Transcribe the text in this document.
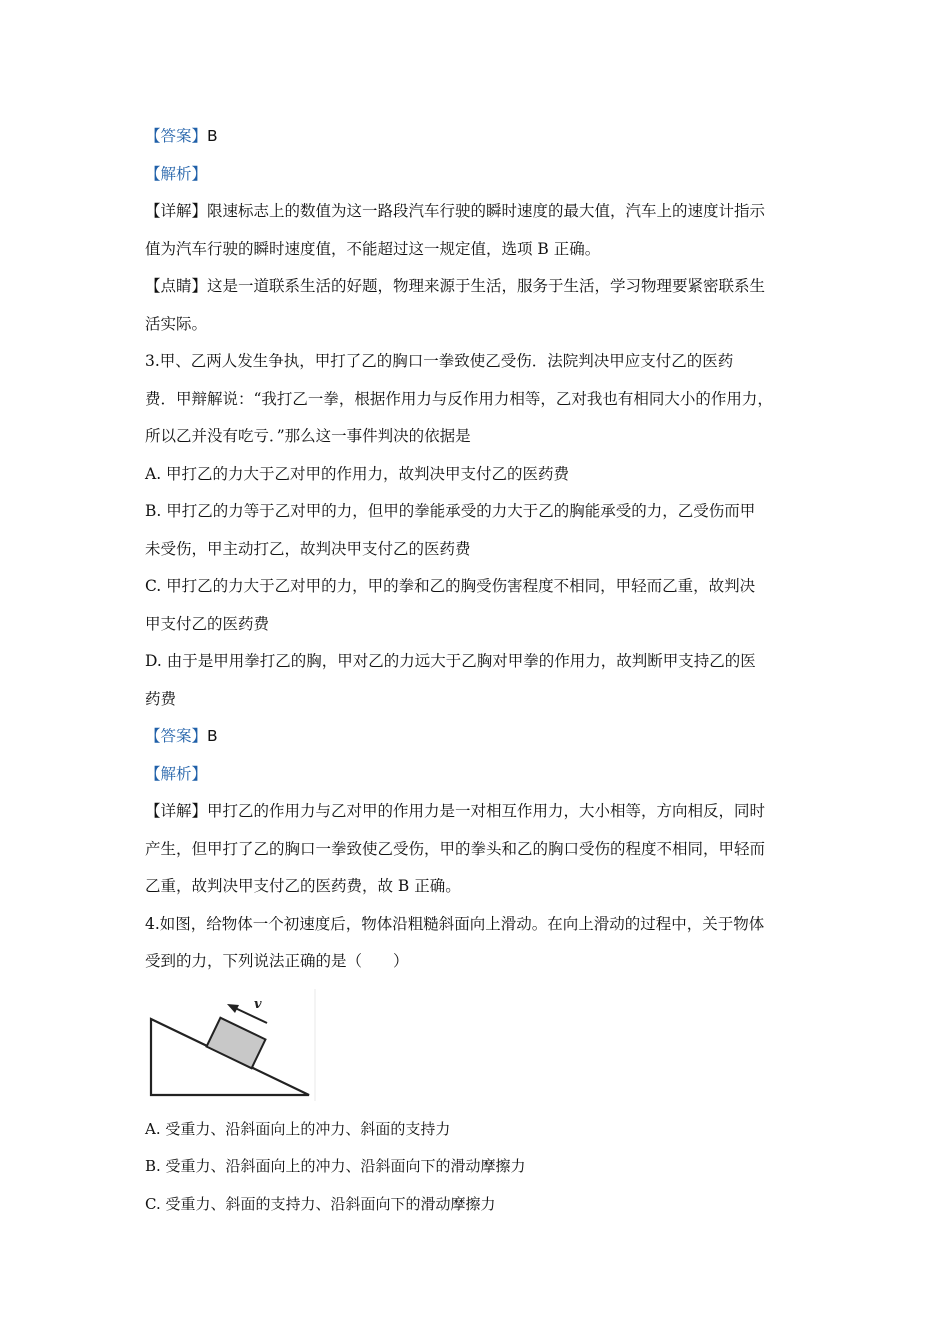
【答案】B
【解析】
【详解】限速标志上的数值为这一路段汽车行驶的瞬时速度的最大值，汽车上的速度计指示
值为汽车行驶的瞬时速度值，不能超过这一规定值，选项 B 正确。
【点睛】这是一道联系生活的好题，物理来源于生活，服务于生活，学习物理要紧密联系生
活实际。
3.甲、乙两人发生争执，甲打了乙的胸口一拳致使乙受伤．法院判决甲应支付乙的医药
费．甲辩解说：“我打乙一拳，根据作用力与反作用力相等，乙对我也有相同大小的作用力，
所以乙并没有吃亏．”那么这一事件判决的依据是
A. 甲打乙的力大于乙对甲的作用力，故判决甲支付乙的医药费
B. 甲打乙的力等于乙对甲的力，但甲的拳能承受的力大于乙的胸能承受的力，乙受伤而甲
未受伤，甲主动打乙，故判决甲支付乙的医药费
C. 甲打乙的力大于乙对甲的力，甲的拳和乙的胸受伤害程度不相同，甲轻而乙重，故判决
甲支付乙的医药费
D. 由于是甲用拳打乙的胸，甲对乙的力远大于乙胸对甲拳的作用力，故判断甲支持乙的医
药费
【答案】B
【解析】
【详解】甲打乙的作用力与乙对甲的作用力是一对相互作用力，大小相等，方向相反，同时
产生，但甲打了乙的胸口一拳致使乙受伤，甲的拳头和乙的胸口受伤的程度不相同，甲轻而
乙重，故判决甲支付乙的医药费，故 B 正确。
4.如图，给物体一个初速度后，物体沿粗糙斜面向上滑动。在向上滑动的过程中，关于物体
受到的力，下列说法正确的是（　　）
v
A. 受重力、沿斜面向上的冲力、斜面的支持力
B. 受重力、沿斜面向上的冲力、沿斜面向下的滑动摩擦力
C. 受重力、斜面的支持力、沿斜面向下的滑动摩擦力
